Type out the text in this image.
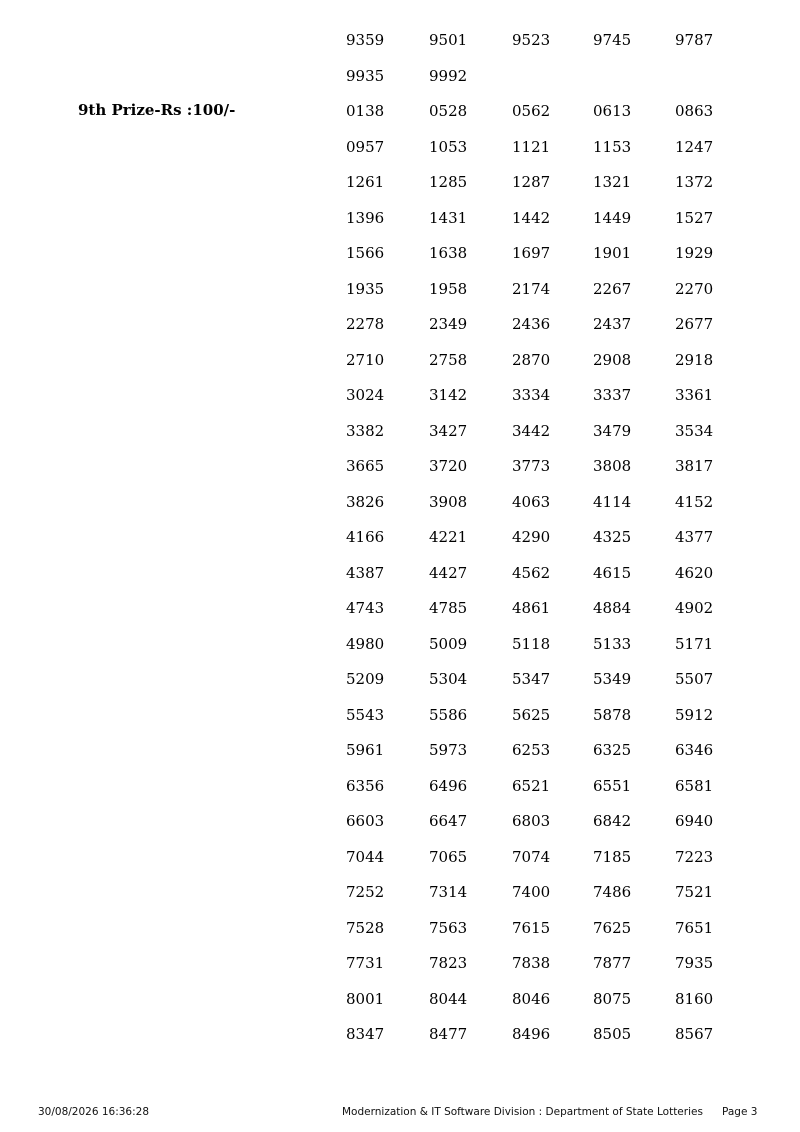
9th Prize-Rs :100/-
9359	9501	9523	9745	9787
9935	9992
0138	0528	0562	0613	0863
0957	1053	1121	1153	1247
1261	1285	1287	1321	1372
1396	1431	1442	1449	1527
1566	1638	1697	1901	1929
1935	1958	2174	2267	2270
2278	2349	2436	2437	2677
2710	2758	2870	2908	2918
3024	3142	3334	3337	3361
3382	3427	3442	3479	3534
3665	3720	3773	3808	3817
3826	3908	4063	4114	4152
4166	4221	4290	4325	4377
4387	4427	4562	4615	4620
4743	4785	4861	4884	4902
4980	5009	5118	5133	5171
5209	5304	5347	5349	5507
5543	5586	5625	5878	5912
5961	5973	6253	6325	6346
6356	6496	6521	6551	6581
6603	6647	6803	6842	6940
7044	7065	7074	7185	7223
7252	7314	7400	7486	7521
7528	7563	7615	7625	7651
7731	7823	7838	7877	7935
8001	8044	8046	8075	8160
8347	8477	8496	8505	8567
30/08/2026 16:36:28	Modernization & IT Software Division : Department of State Lotteries Page 3
